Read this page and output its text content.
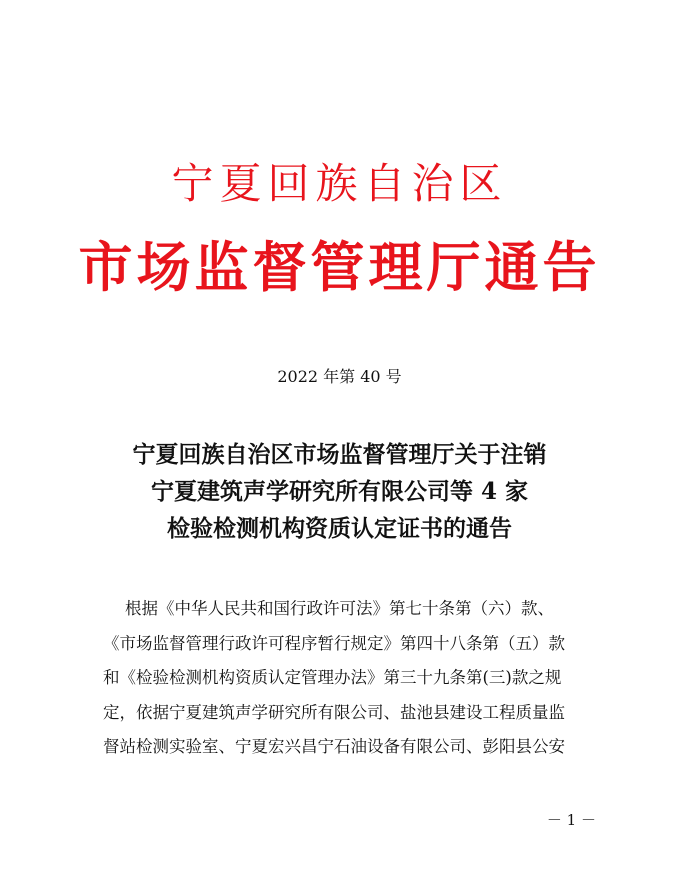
宁夏回族自治区
市场监督管理厅通告
2022 年第 40 号
宁夏回族自治区市场监督管理厅关于注销
宁夏建筑声学研究所有限公司等 4 家
检验检测机构资质认定证书的通告
根据《中华人民共和国行政许可法》第七十条第（六）款、
《市场监督管理行政许可程序暂行规定》第四十八条第（五）款
和《检验检测机构资质认定管理办法》第三十九条第(三)款之规
定，依据宁夏建筑声学研究所有限公司、盐池县建设工程质量监
督站检测实验室、宁夏宏兴昌宁石油设备有限公司、彭阳县公安
－ 1 －
